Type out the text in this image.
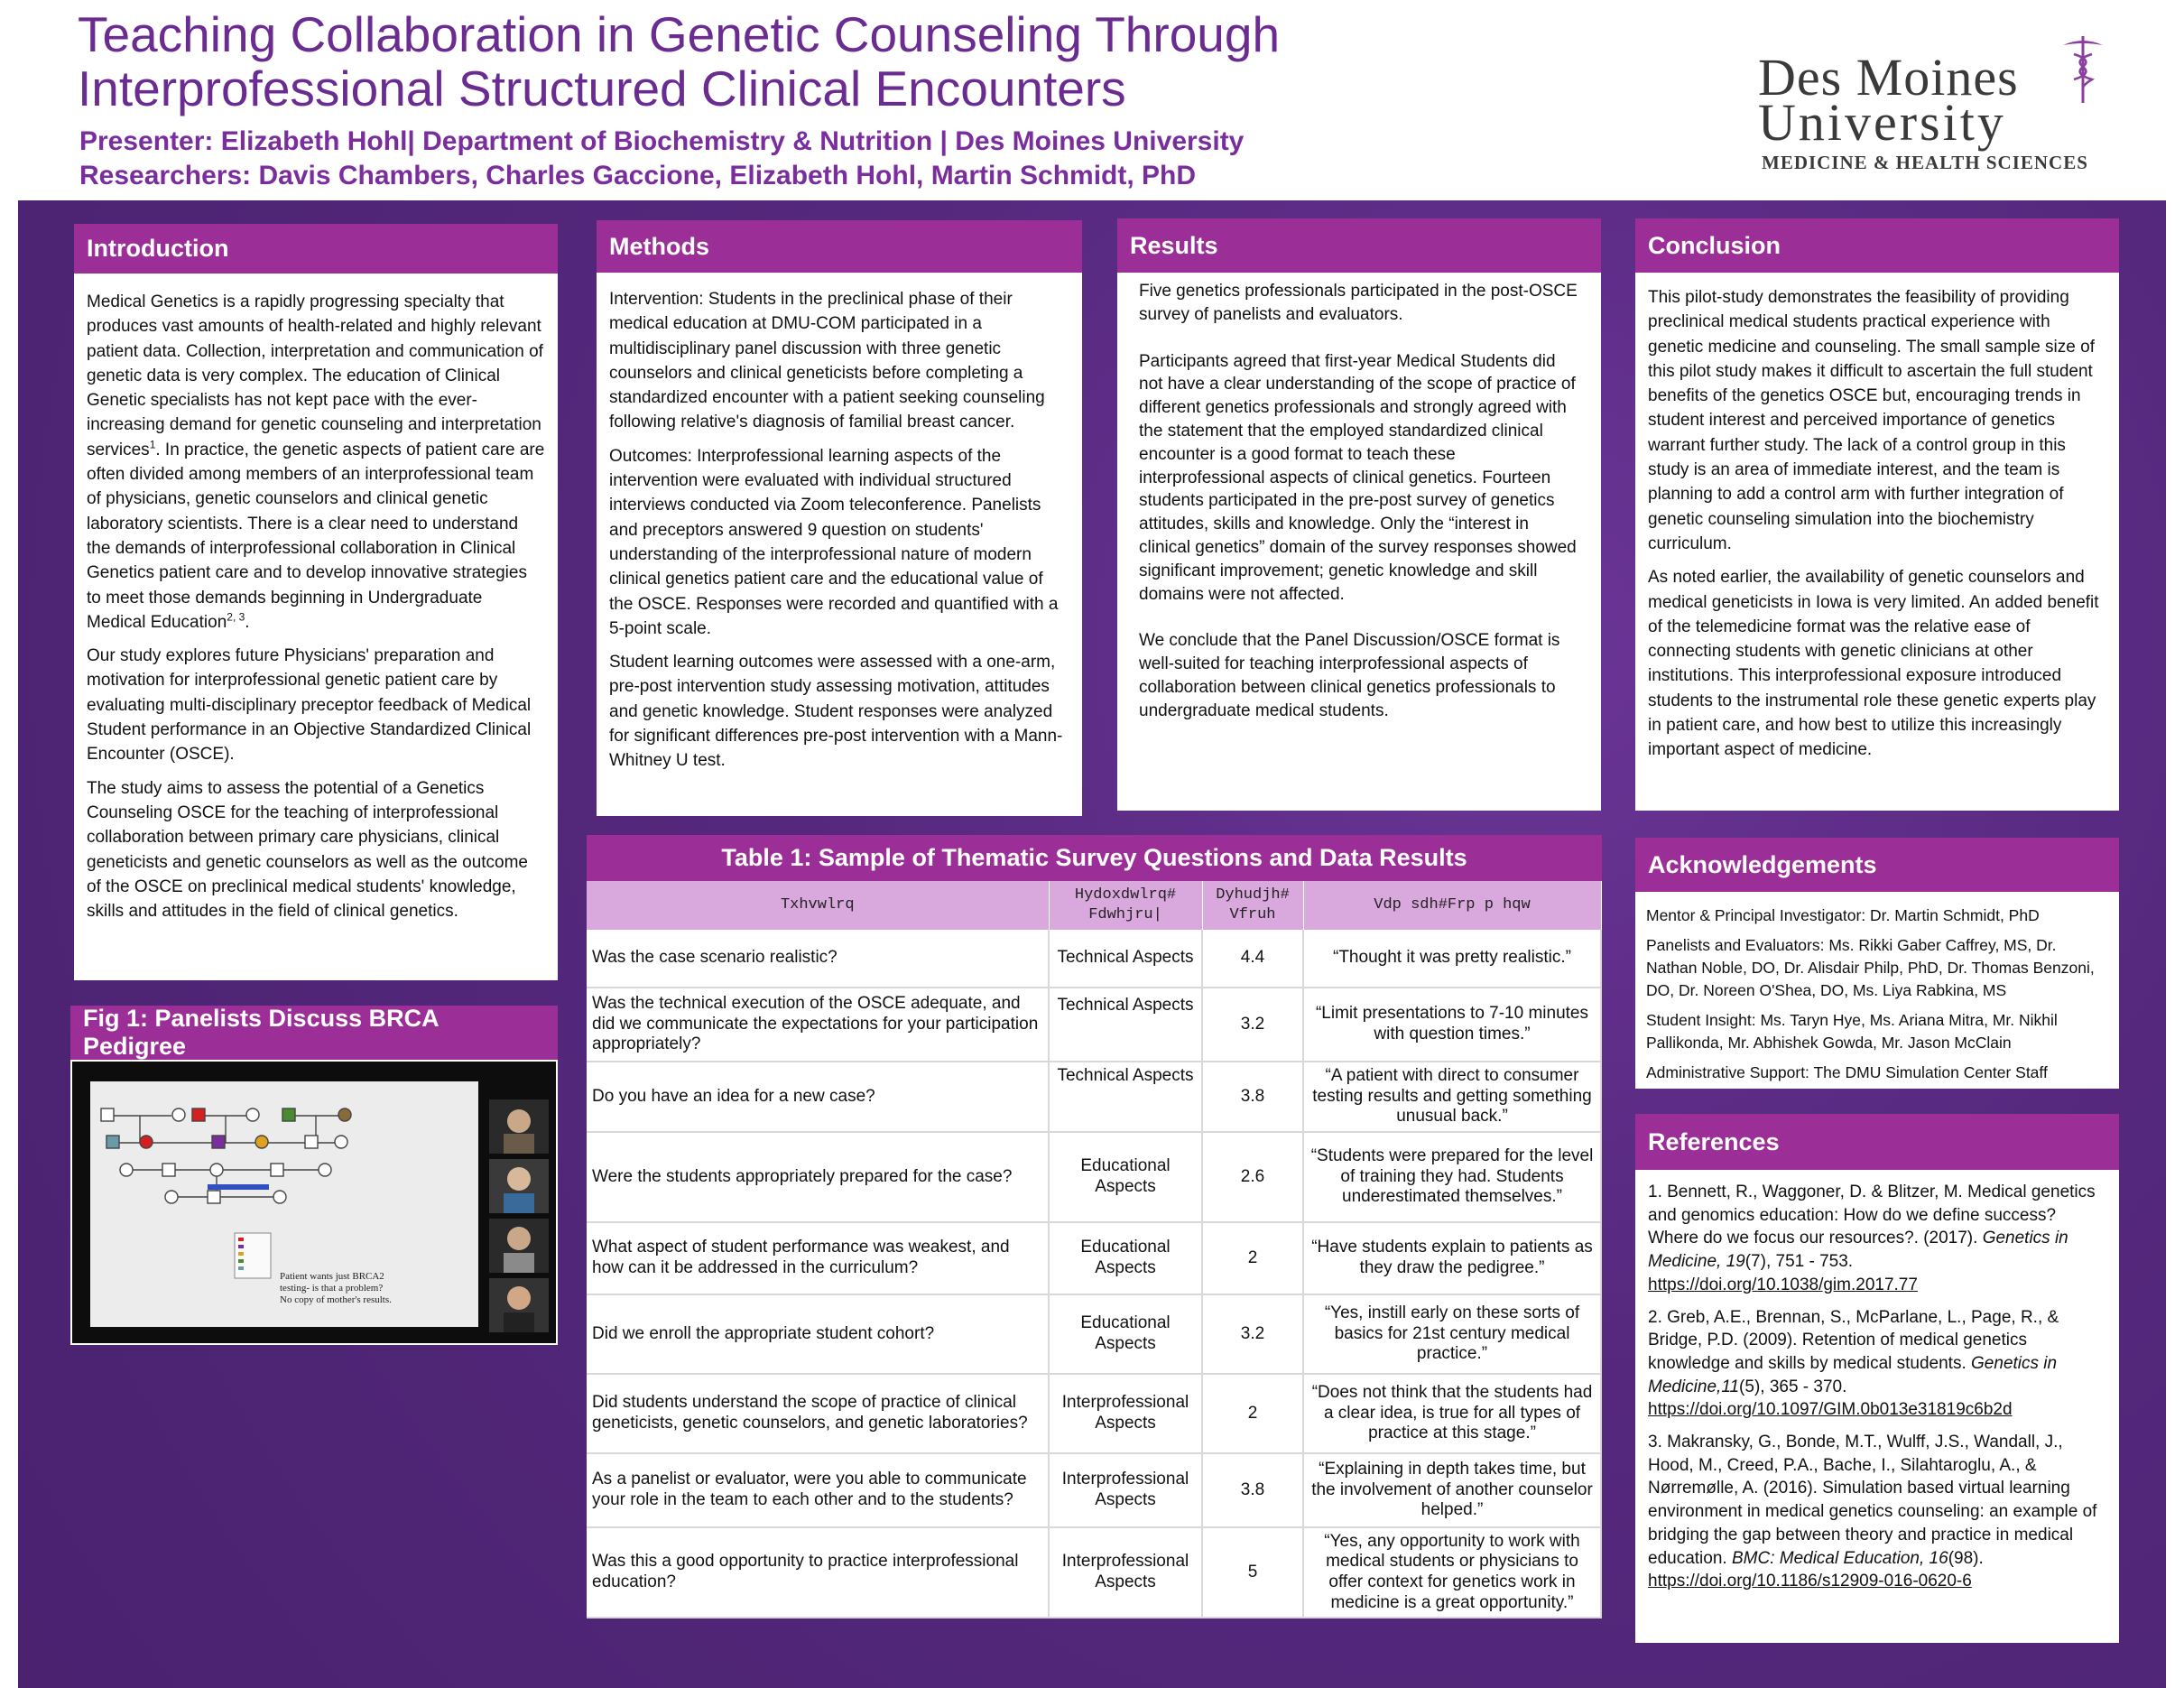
Teaching Collaboration in Genetic Counseling Through
Interprofessional Structured Clinical Encounters
Presenter: Elizabeth Hohl| Department of Biochemistry & Nutrition | Des Moines University
Researchers: Davis Chambers, Charles Gaccione, Elizabeth Hohl, Martin Schmidt, PhD
Des Moines
University
MEDICINE & HEALTH SCIENCES
Introduction

Medical Genetics is a rapidly progressing specialty that produces vast amounts of health-related and highly relevant patient data. Collection, interpretation and communication of genetic data is very complex. The education of Clinical Genetic specialists has not kept pace with the ever-increasing demand for genetic counseling and interpretation services$^1$. In practice, the genetic aspects of patient care are often divided among members of an interprofessional team of physicians, genetic counselors and clinical genetic laboratory scientists. There is a clear need to understand the demands of interprofessional collaboration in Clinical Genetics patient care and to develop innovative strategies to meet those demands beginning in Undergraduate Medical Education$^{2, 3}$.

Our study explores future Physicians' preparation and motivation for interprofessional genetic patient care by evaluating multi-disciplinary preceptor feedback of Medical Student performance in an Objective Standardized Clinical Encounter (OSCE).

The study aims to assess the potential of a Genetics Counseling OSCE for the teaching of interprofessional collaboration between primary care physicians, clinical geneticists and genetic counselors as well as the outcome of the OSCE on preclinical medical students' knowledge, skills and attitudes in the field of clinical genetics.

Fig 1: Panelists Discuss BRCA Pedigree
Patient wants just BRCA2
testing- is that a problem?
No copy of mother's results.
Methods

Intervention: Students in the preclinical phase of their medical education at DMU-COM participated in a multidisciplinary panel discussion with three genetic counselors and clinical geneticists before completing a standardized encounter with a patient seeking counseling following relative's diagnosis of familial breast cancer.

Outcomes: Interprofessional learning aspects of the intervention were evaluated with individual structured interviews conducted via Zoom teleconference. Panelists and preceptors answered 9 question on students' understanding of the interprofessional nature of modern clinical genetics patient care and the educational value of the OSCE. Responses were recorded and quantified with a 5-point scale.

Student learning outcomes were assessed with a one-arm, pre-post intervention study assessing motivation, attitudes and genetic knowledge. Student responses were analyzed for significant differences pre-post intervention with a Mann-Whitney U test.

Results

Five genetics professionals participated in the post-OSCE survey of panelists and evaluators.

Participants agreed that first-year Medical Students did not have a clear understanding of the scope of practice of different genetics professionals and strongly agreed with the statement that the employed standardized clinical encounter is a good format to teach these interprofessional aspects of clinical genetics. Fourteen students participated in the pre-post survey of genetics attitudes, skills and knowledge. Only the “interest in clinical genetics” domain of the survey responses showed significant improvement; genetic knowledge and skill domains were not affected.

We conclude that the Panel Discussion/OSCE format is well-suited for teaching interprofessional aspects of collaboration between clinical genetics professionals to undergraduate medical students.

Conclusion

This pilot-study demonstrates the feasibility of providing preclinical medical students practical experience with genetic medicine and counseling. The small sample size of this pilot study makes it difficult to ascertain the full student benefits of the genetics OSCE but, encouraging trends in student interest and perceived importance of genetics warrant further study. The lack of a control group in this study is an area of immediate interest, and the team is planning to add a control arm with further integration of genetic counseling simulation into the biochemistry curriculum.

As noted earlier, the availability of genetic counselors and medical geneticists in Iowa is very limited. An added benefit of the telemedicine format was the relative ease of connecting students with genetic clinicians at other institutions. This interprofessional exposure introduced students to the instrumental role these genetic experts play in patient care, and how best to utilize this increasingly important aspect of medicine.

Table 1: Sample of Thematic Survey Questions and Data Results
Txhvwlrq	Hydoxdwlrq# Fdwhjru|	Dyhudjh# Vfruh	Vdp sdh#Frp p hqw
Was the case scenario realistic?	Technical Aspects	4.4	“Thought it was pretty realistic.”
Was the technical execution of the OSCE adequate, and did we communicate the expectations for your participation appropriately?	Technical Aspects	3.2	“Limit presentations to 7-10 minutes with question times.”
Do you have an idea for a new case?	Technical Aspects	3.8	“A patient with direct to consumer testing results and getting something unusual back.”
Were the students appropriately prepared for the case?	Educational Aspects	2.6	“Students were prepared for the level of training they had. Students underestimated themselves.”
What aspect of student performance was weakest, and how can it be addressed in the curriculum?	Educational Aspects	2	“Have students explain to patients as they draw the pedigree.”
Did we enroll the appropriate student cohort?	Educational Aspects	3.2	“Yes, instill early on these sorts of basics for 21st century medical practice.”
Did students understand the scope of practice of clinical geneticists, genetic counselors, and genetic laboratories?	Interprofessional Aspects	2	“Does not think that the students had a clear idea, is true for all types of practice at this stage.”
As a panelist or evaluator, were you able to communicate your role in the team to each other and to the students?	Interprofessional Aspects	3.8	“Explaining in depth takes time, but the involvement of another counselor helped.”
Was this a good opportunity to practice interprofessional education?	Interprofessional Aspects	5	“Yes, any opportunity to work with medical students or physicians to offer context for genetics work in medicine is a great opportunity.”
Acknowledgements

Mentor & Principal Investigator: Dr. Martin Schmidt, PhD

Panelists and Evaluators: Ms. Rikki Gaber Caffrey, MS, Dr. Nathan Noble, DO, Dr. Alisdair Philp, PhD, Dr. Thomas Benzoni, DO, Dr. Noreen O'Shea, DO, Ms. Liya Rabkina, MS

Student Insight: Ms. Taryn Hye, Ms. Ariana Mitra, Mr. Nikhil Pallikonda, Mr. Abhishek Gowda, Mr. Jason McClain

Administrative Support: The DMU Simulation Center Staff

References

1. Bennett, R., Waggoner, D. & Blitzer, M. Medical genetics and genomics education: How do we define success? Where do we focus our resources?. (2017). Genetics in Medicine, 19(7), 751 - 753.
https://doi.org/10.1038/gim.2017.77

2. Greb, A.E., Brennan, S., McParlane, L., Page, R., & Bridge, P.D. (2009). Retention of medical genetics knowledge and skills by medical students. Genetics in Medicine,11(5), 365 - 370.
https://doi.org/10.1097/GIM.0b013e31819c6b2d

3. Makransky, G., Bonde, M.T., Wulff, J.S., Wandall, J., Hood, M., Creed, P.A., Bache, I., Silahtaroglu, A., & Nørremølle, A. (2016). Simulation based virtual learning environment in medical genetics counseling: an example of bridging the gap between theory and practice in medical education. BMC: Medical Education, 16(98).
https://doi.org/10.1186/s12909-016-0620-6
